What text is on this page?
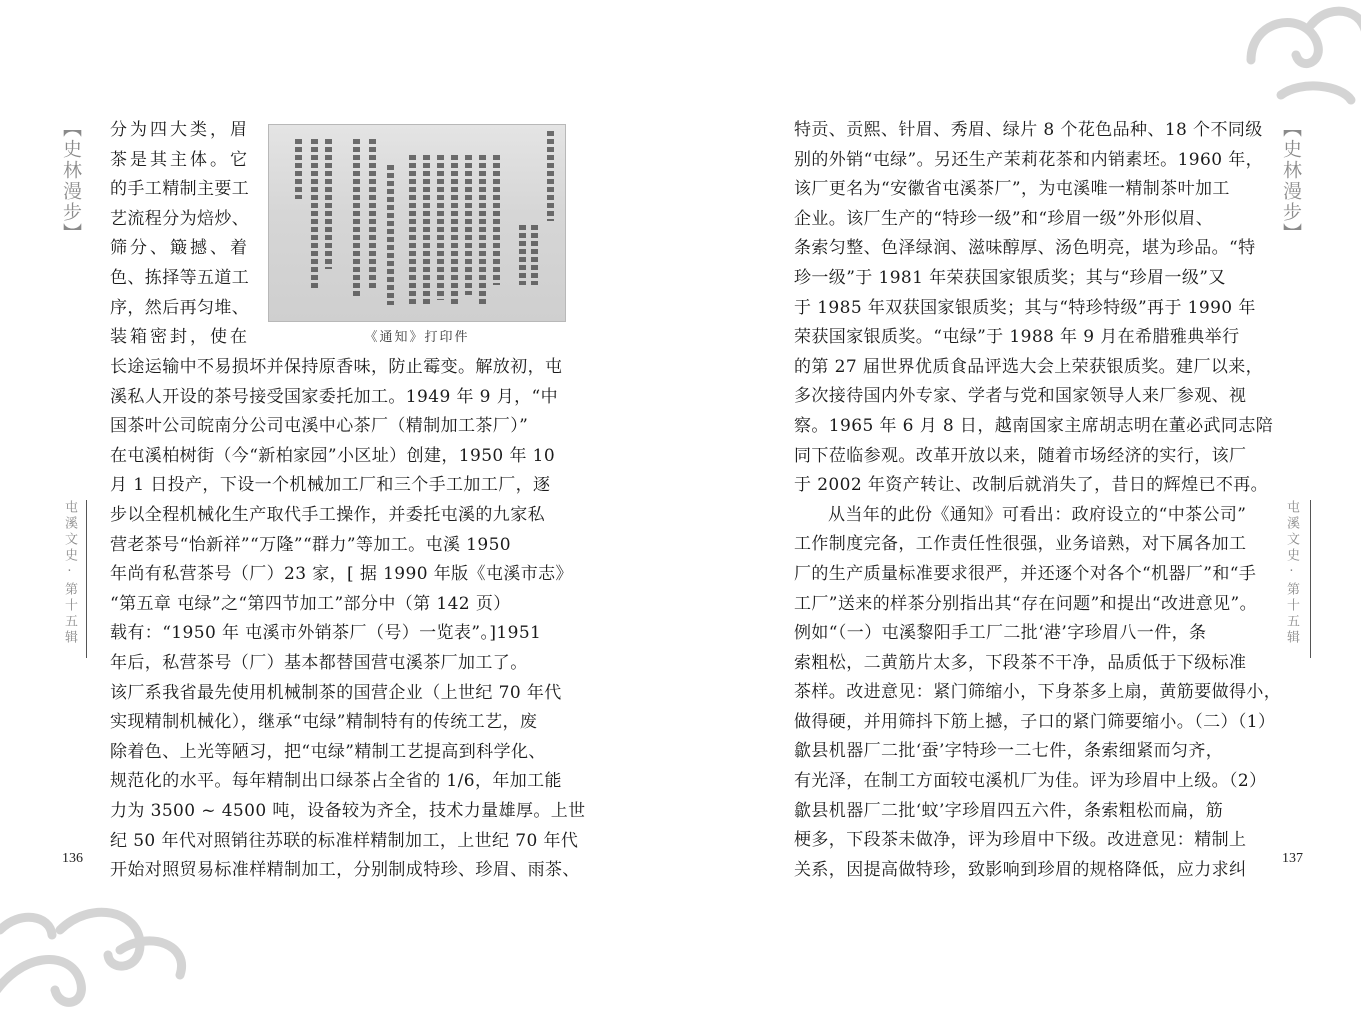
【史林漫步】
屯溪文史·第十五辑
136
《通知》打印件
分为四大类，眉
茶是其主体。它
的手工精制主要工
艺流程分为焙炒、
筛分、簸撼、着
色、拣择等五道工
序，然后再匀堆、
装箱密封，使在
长途运输中不易损坏并保持原香味，防止霉变。解放初，屯
溪私人开设的茶号接受国家委托加工。1949 年 9 月，“中
国茶叶公司皖南分公司屯溪中心茶厂（精制加工茶厂）”
在屯溪柏树街（今“新柏家园”小区址）创建，1950 年 10
月 1 日投产，下设一个机械加工厂和三个手工加工厂，逐
步以全程机械化生产取代手工操作，并委托屯溪的九家私
营老茶号“怡新祥”“万隆”“群力”等加工。屯溪 1950
年尚有私营茶号（厂）23 家，[ 据 1990 年版《屯溪市志》
“第五章 屯绿”之“第四节加工”部分中（第 142 页）
载有：“1950 年 屯溪市外销茶厂（号）一览表”。]1951
年后，私营茶号（厂）基本都替国营屯溪茶厂加工了。
该厂系我省最先使用机械制茶的国营企业（上世纪 70 年代
实现精制机械化），继承“屯绿”精制特有的传统工艺，废
除着色、上光等陋习，把“屯绿”精制工艺提高到科学化、
规范化的水平。每年精制出口绿茶占全省的 1/6，年加工能
力为 3500 ~ 4500 吨，设备较为齐全，技术力量雄厚。上世
纪 50 年代对照销往苏联的标准样精制加工，上世纪 70 年代
开始对照贸易标准样精制加工，分别制成特珍、珍眉、雨茶、
特贡、贡熙、针眉、秀眉、绿片 8 个花色品种、18 个不同级
别的外销“屯绿”。另还生产茉莉花茶和内销素坯。1960 年，
该厂更名为“安徽省屯溪茶厂”，为屯溪唯一精制茶叶加工
企业。该厂生产的“特珍一级”和“珍眉一级”外形似眉、
条索匀整、色泽绿润、滋味醇厚、汤色明亮，堪为珍品。“特
珍一级”于 1981 年荣获国家银质奖；其与“珍眉一级”又
于 1985 年双获国家银质奖；其与“特珍特级”再于 1990 年
荣获国家银质奖。“屯绿”于 1988 年 9 月在希腊雅典举行
的第 27 届世界优质食品评选大会上荣获银质奖。建厂以来，
多次接待国内外专家、学者与党和国家领导人来厂参观、视
察。1965 年 6 月 8 日，越南国家主席胡志明在董必武同志陪
同下莅临参观。改革开放以来，随着市场经济的实行，该厂
于 2002 年资产转让、改制后就消失了，昔日的辉煌已不再。
从当年的此份《通知》可看出：政府设立的“中茶公司”
工作制度完备，工作责任性很强，业务谙熟，对下属各加工
厂的生产质量标准要求很严，并还逐个对各个“机器厂”和“手
工厂”送来的样茶分别指出其“存在问题”和提出“改进意见”。
例如“（一）屯溪黎阳手工厂二批‘港’字珍眉八一件，条
索粗松，二黄筋片太多，下段茶不干净，品质低于下级标准
茶样。改进意见：紧门筛缩小，下身茶多上扇，黄筋要做得小，
做得硬，并用筛抖下筋上撼，子口的紧门筛要缩小。（二）（1）
歙县机器厂二批‘蚕’字特珍一二七件，条索细紧而匀齐，
有光泽，在制工方面较屯溪机厂为佳。评为珍眉中上级。（2）
歙县机器厂二批‘蚊’字珍眉四五六件，条索粗松而扁，筋
梗多，下段茶未做净，评为珍眉中下级。改进意见：精制上
关系，因提高做特珍，致影响到珍眉的规格降低，应力求纠
【史林漫步】
屯溪文史·第十五辑
137
